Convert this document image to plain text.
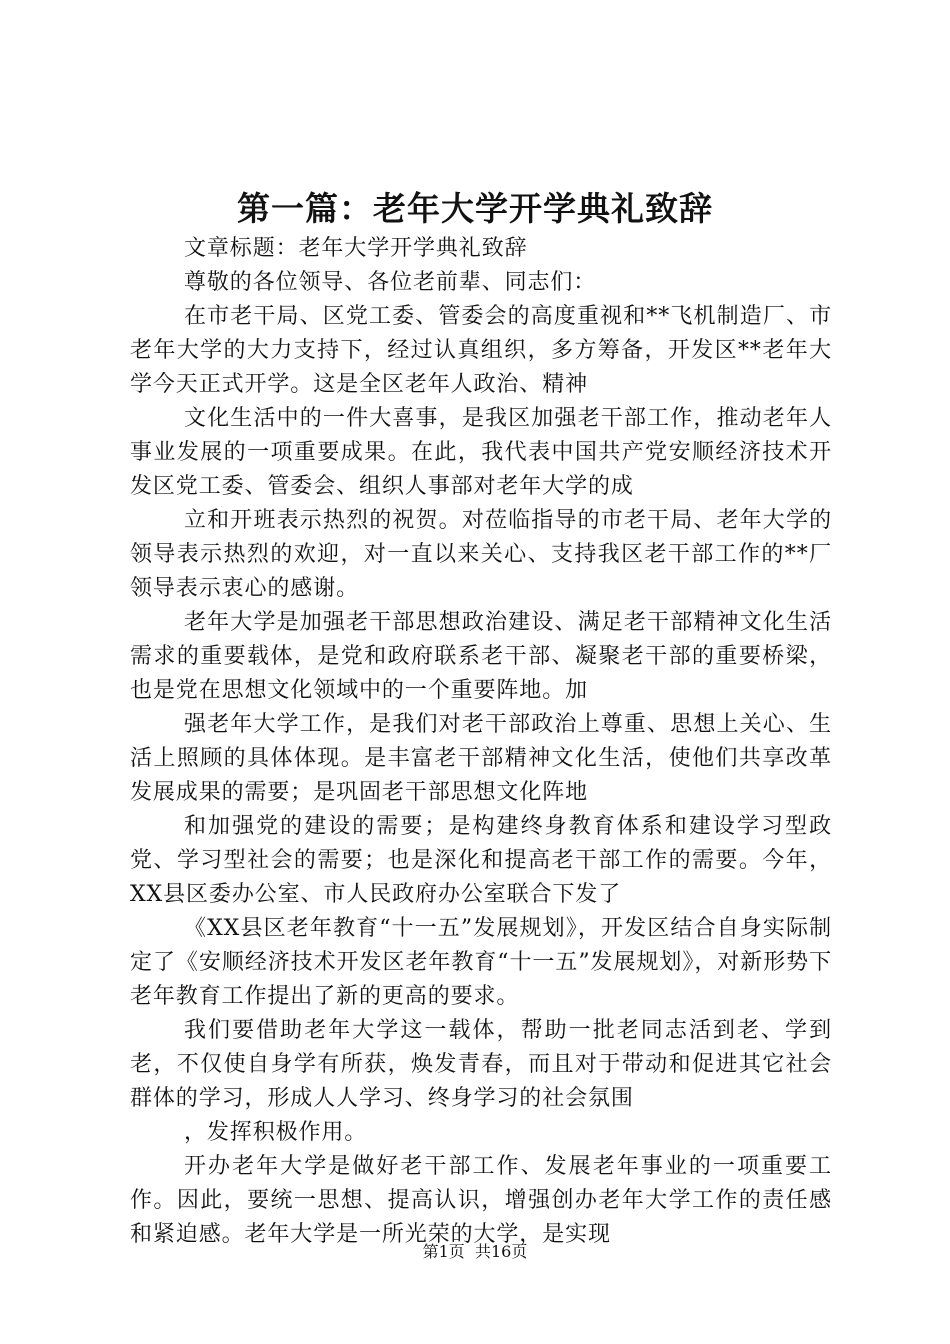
第一篇：老年大学开学典礼致辞

文章标题：老年大学开学典礼致辞

尊敬的各位领导、各位老前辈、同志们：

在市老干局、区党工委、管委会的高度重视和**飞机制造厂、市老年大学的大力支持下，经过认真组织，多方筹备，开发区**老年大学今天正式开学。这是全区老年人政治、精神

文化生活中的一件大喜事，是我区加强老干部工作，推动老年人事业发展的一项重要成果。在此，我代表中国共产党安顺经济技术开发区党工委、管委会、组织人事部对老年大学的成

立和开班表示热烈的祝贺。对莅临指导的市老干局、老年大学的领导表示热烈的欢迎，对一直以来关心、支持我区老干部工作的**厂领导表示衷心的感谢。

老年大学是加强老干部思想政治建设、满足老干部精神文化生活需求的重要载体，是党和政府联系老干部、凝聚老干部的重要桥梁，也是党在思想文化领域中的一个重要阵地。加

强老年大学工作，是我们对老干部政治上尊重、思想上关心、生活上照顾的具体体现。是丰富老干部精神文化生活，使他们共享改革发展成果的需要；是巩固老干部思想文化阵地

和加强党的建设的需要；是构建终身教育体系和建设学习型政党、学习型社会的需要；也是深化和提高老干部工作的需要。今年，XX县区委办公室、市人民政府办公室联合下发了

《XX县区老年教育“十一五”发展规划》，开发区结合自身实际制定了《安顺经济技术开发区老年教育“十一五”发展规划》，对新形势下老年教育工作提出了新的更高的要求。

我们要借助老年大学这一载体，帮助一批老同志活到老、学到老，不仅使自身学有所获，焕发青春，而且对于带动和促进其它社会群体的学习，形成人人学习、终身学习的社会氛围

，发挥积极作用。

开办老年大学是做好老干部工作、发展老年事业的一项重要工作。因此，要统一思想、提高认识，增强创办老年大学工作的责任感和紧迫感。老年大学是一所光荣的大学，是实现

第1页 共16页
